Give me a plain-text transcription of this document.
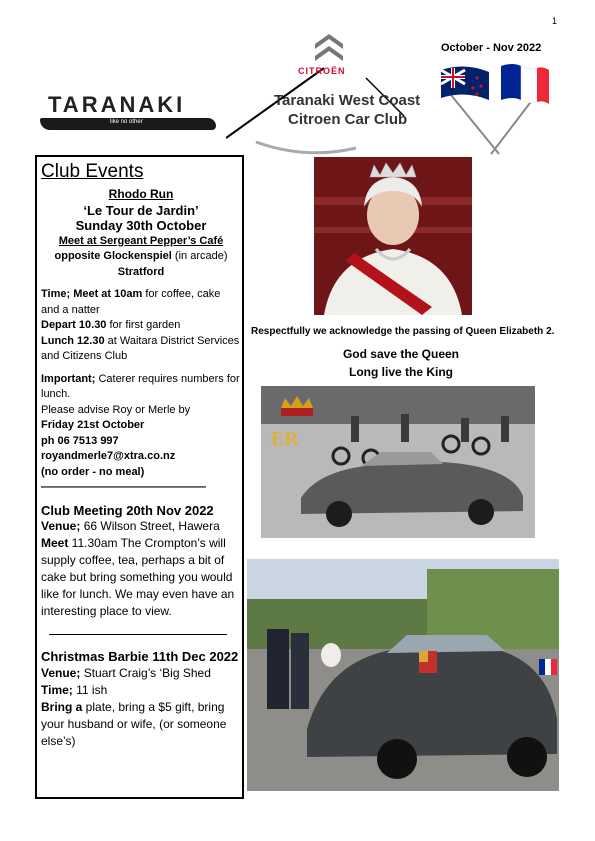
1
October - Nov 2022
TARANAKI
like no other
CITROËN
Taranaki West Coast
Citroen Car Club
Club Events
Rhodo Run
‘Le Tour de Jardin’
Sunday 30th October
Meet at Sergeant Pepper’s Café
opposite Glockenspiel (in arcade)
Stratford

Time; Meet at 10am for coffee, cake and a natter

Depart 10.30 for first garden

Lunch 12.30 at Waitara District Services and Citizens Club

Important; Caterer requires numbers for lunch.

Please advise Roy or Merle by

Friday 21st October

ph 06 7513 997

royandmerle7@xtra.co.nz

(no order - no meal)

———————————————

Club Meeting 20th Nov 2022

Venue; 66 Wilson Street, Hawera

Meet 11.30am The Crompton’s will supply coffee, tea, perhaps a bit of cake but bring something you would like for lunch. We may even have an interesting place to view.

Christmas Barbie 11th Dec 2022

Venue; Stuart Craig’s ‘Big Shed

Time; 11 ish

Bring a plate, bring a $5 gift, bring your husband or wife, (or someone else’s)

Respectfully we acknowledge the passing of Queen Elizabeth 2.
God save the Queen
Long live the King
ER
